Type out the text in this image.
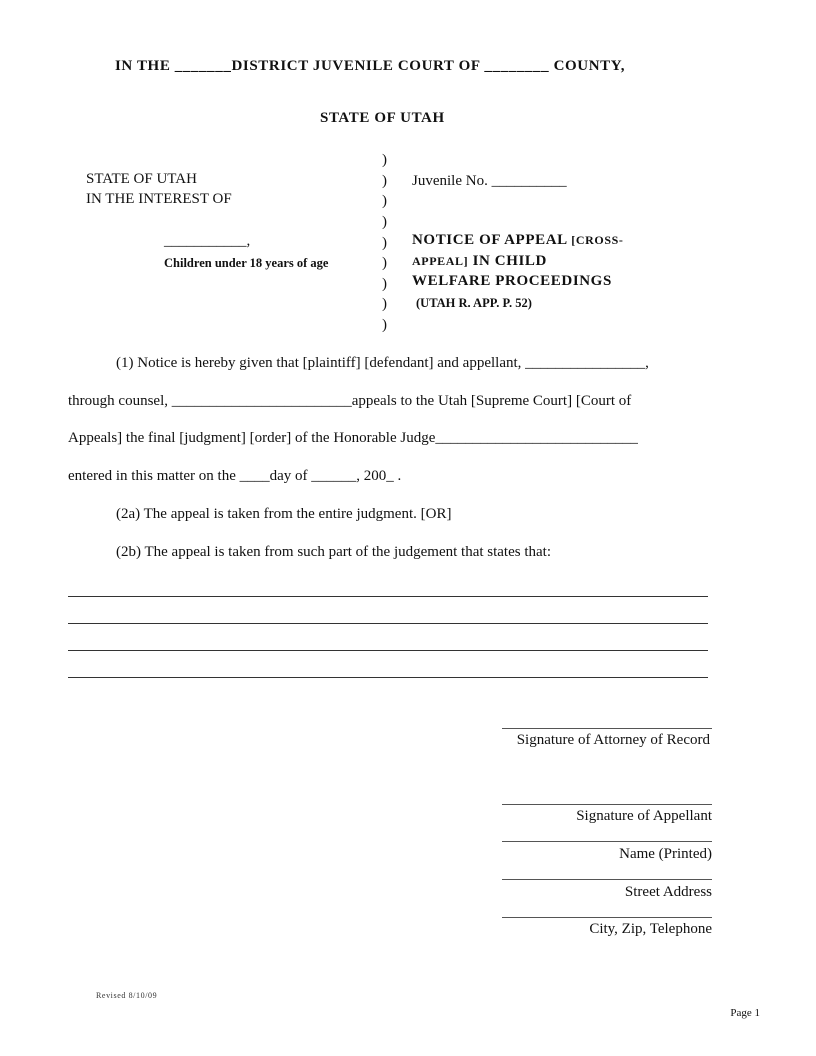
IN THE _______DISTRICT JUVENILE COURT OF ________ COUNTY,
STATE OF UTAH
STATE OF UTAH
IN THE INTEREST OF
___________,
Children under 18 years of age
)
)
)
)
)
)
)
)
)
Juvenile No. __________
NOTICE OF APPEAL [CROSS-
APPEAL] IN CHILD
WELFARE PROCEEDINGS
(UTAH R. APP. P. 52)
(1) Notice is hereby given that [plaintiff] [defendant] and appellant, ________________,
through counsel, ________________________appeals to the Utah [Supreme Court] [Court of
Appeals] the final [judgment] [order] of the Honorable Judge___________________________
entered in this matter on the ____day of ______, 200_ .
(2a) The appeal is taken from the entire judgment. [OR]
(2b) The appeal is taken from such part of the judgement that states that:
Signature of Attorney of Record
Signature of Appellant
Name (Printed)
Street Address
City, Zip, Telephone
Revised 8/10/09
Page 1
